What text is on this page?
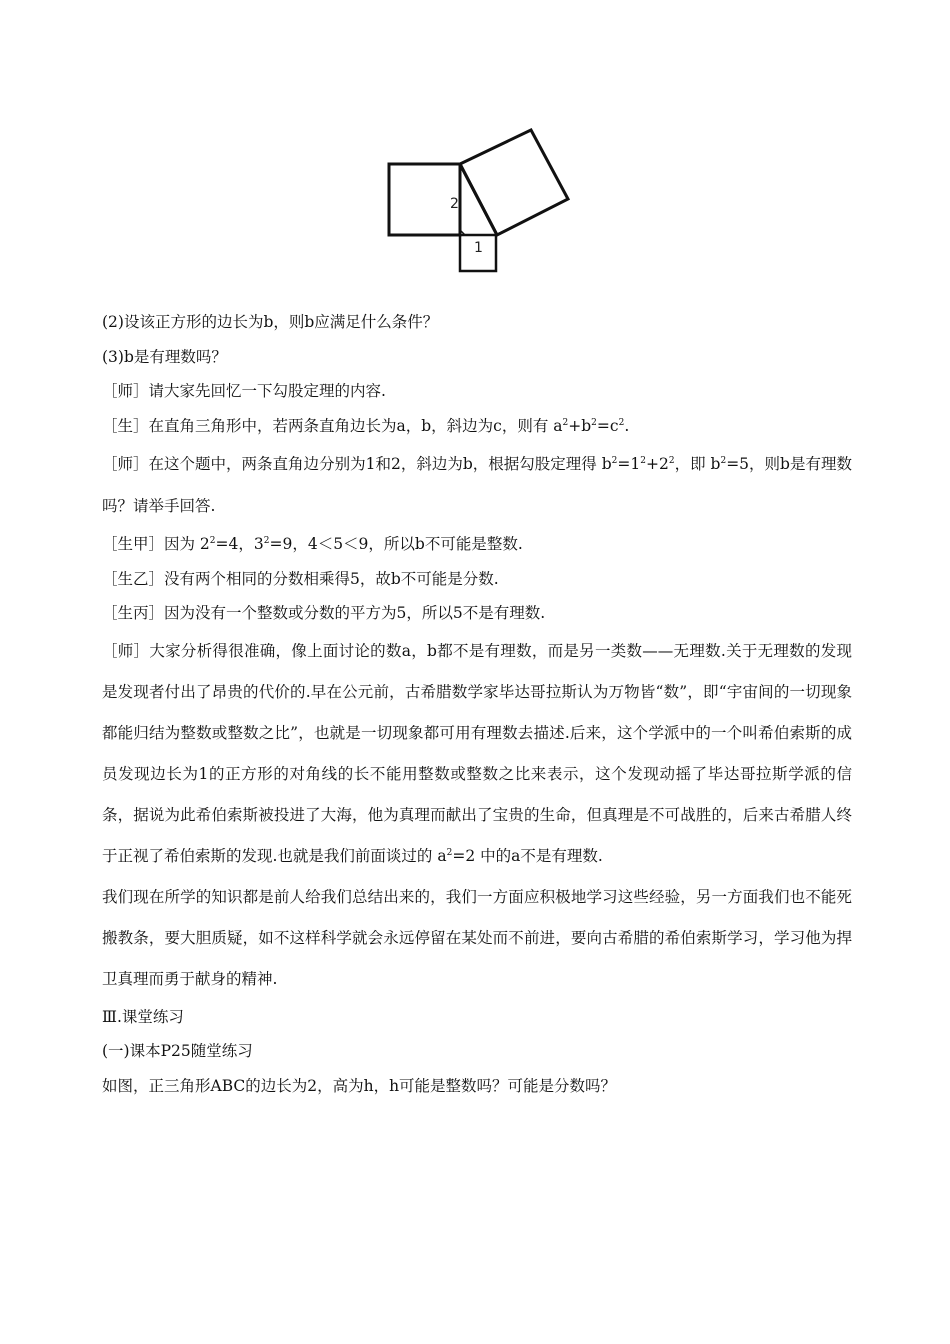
2
1

(2)设该正方形的边长为b，则b应满足什么条件？

(3)b是有理数吗？

［师］请大家先回忆一下勾股定理的内容.

［生］在直角三角形中，若两条直角边长为a，b，斜边为c，则有 $a^2+b^2=c^2$.

［师］在这个题中，两条直角边分别为1和2，斜边为b，根据勾股定理得 $b^2=1^2+2^2$，即 $b^2=5$，则b是有理数吗？请举手回答.

［生甲］因为 $2^2=4$，$3^2=9$，4＜5＜9，所以b不可能是整数.

［生乙］没有两个相同的分数相乘得5，故b不可能是分数.

［生丙］因为没有一个整数或分数的平方为5，所以5不是有理数.

［师］大家分析得很准确，像上面讨论的数a，b都不是有理数，而是另一类数——无理数.关于无理数的发现是发现者付出了昂贵的代价的.早在公元前，古希腊数学家毕达哥拉斯认为万物皆“数”，即“宇宙间的一切现象都能归结为整数或整数之比”，也就是一切现象都可用有理数去描述.后来，这个学派中的一个叫希伯索斯的成员发现边长为1的正方形的对角线的长不能用整数或整数之比来表示，这个发现动摇了毕达哥拉斯学派的信条，据说为此希伯索斯被投进了大海，他为真理而献出了宝贵的生命，但真理是不可战胜的，后来古希腊人终于正视了希伯索斯的发现.也就是我们前面谈过的 $a^2=2$ 中的a不是有理数.

我们现在所学的知识都是前人给我们总结出来的，我们一方面应积极地学习这些经验，另一方面我们也不能死搬教条，要大胆质疑，如不这样科学就会永远停留在某处而不前进，要向古希腊的希伯索斯学习，学习他为捍卫真理而勇于献身的精神.

Ⅲ.课堂练习

(一)课本P25随堂练习

如图，正三角形ABC的边长为2，高为h，h可能是整数吗？可能是分数吗？
